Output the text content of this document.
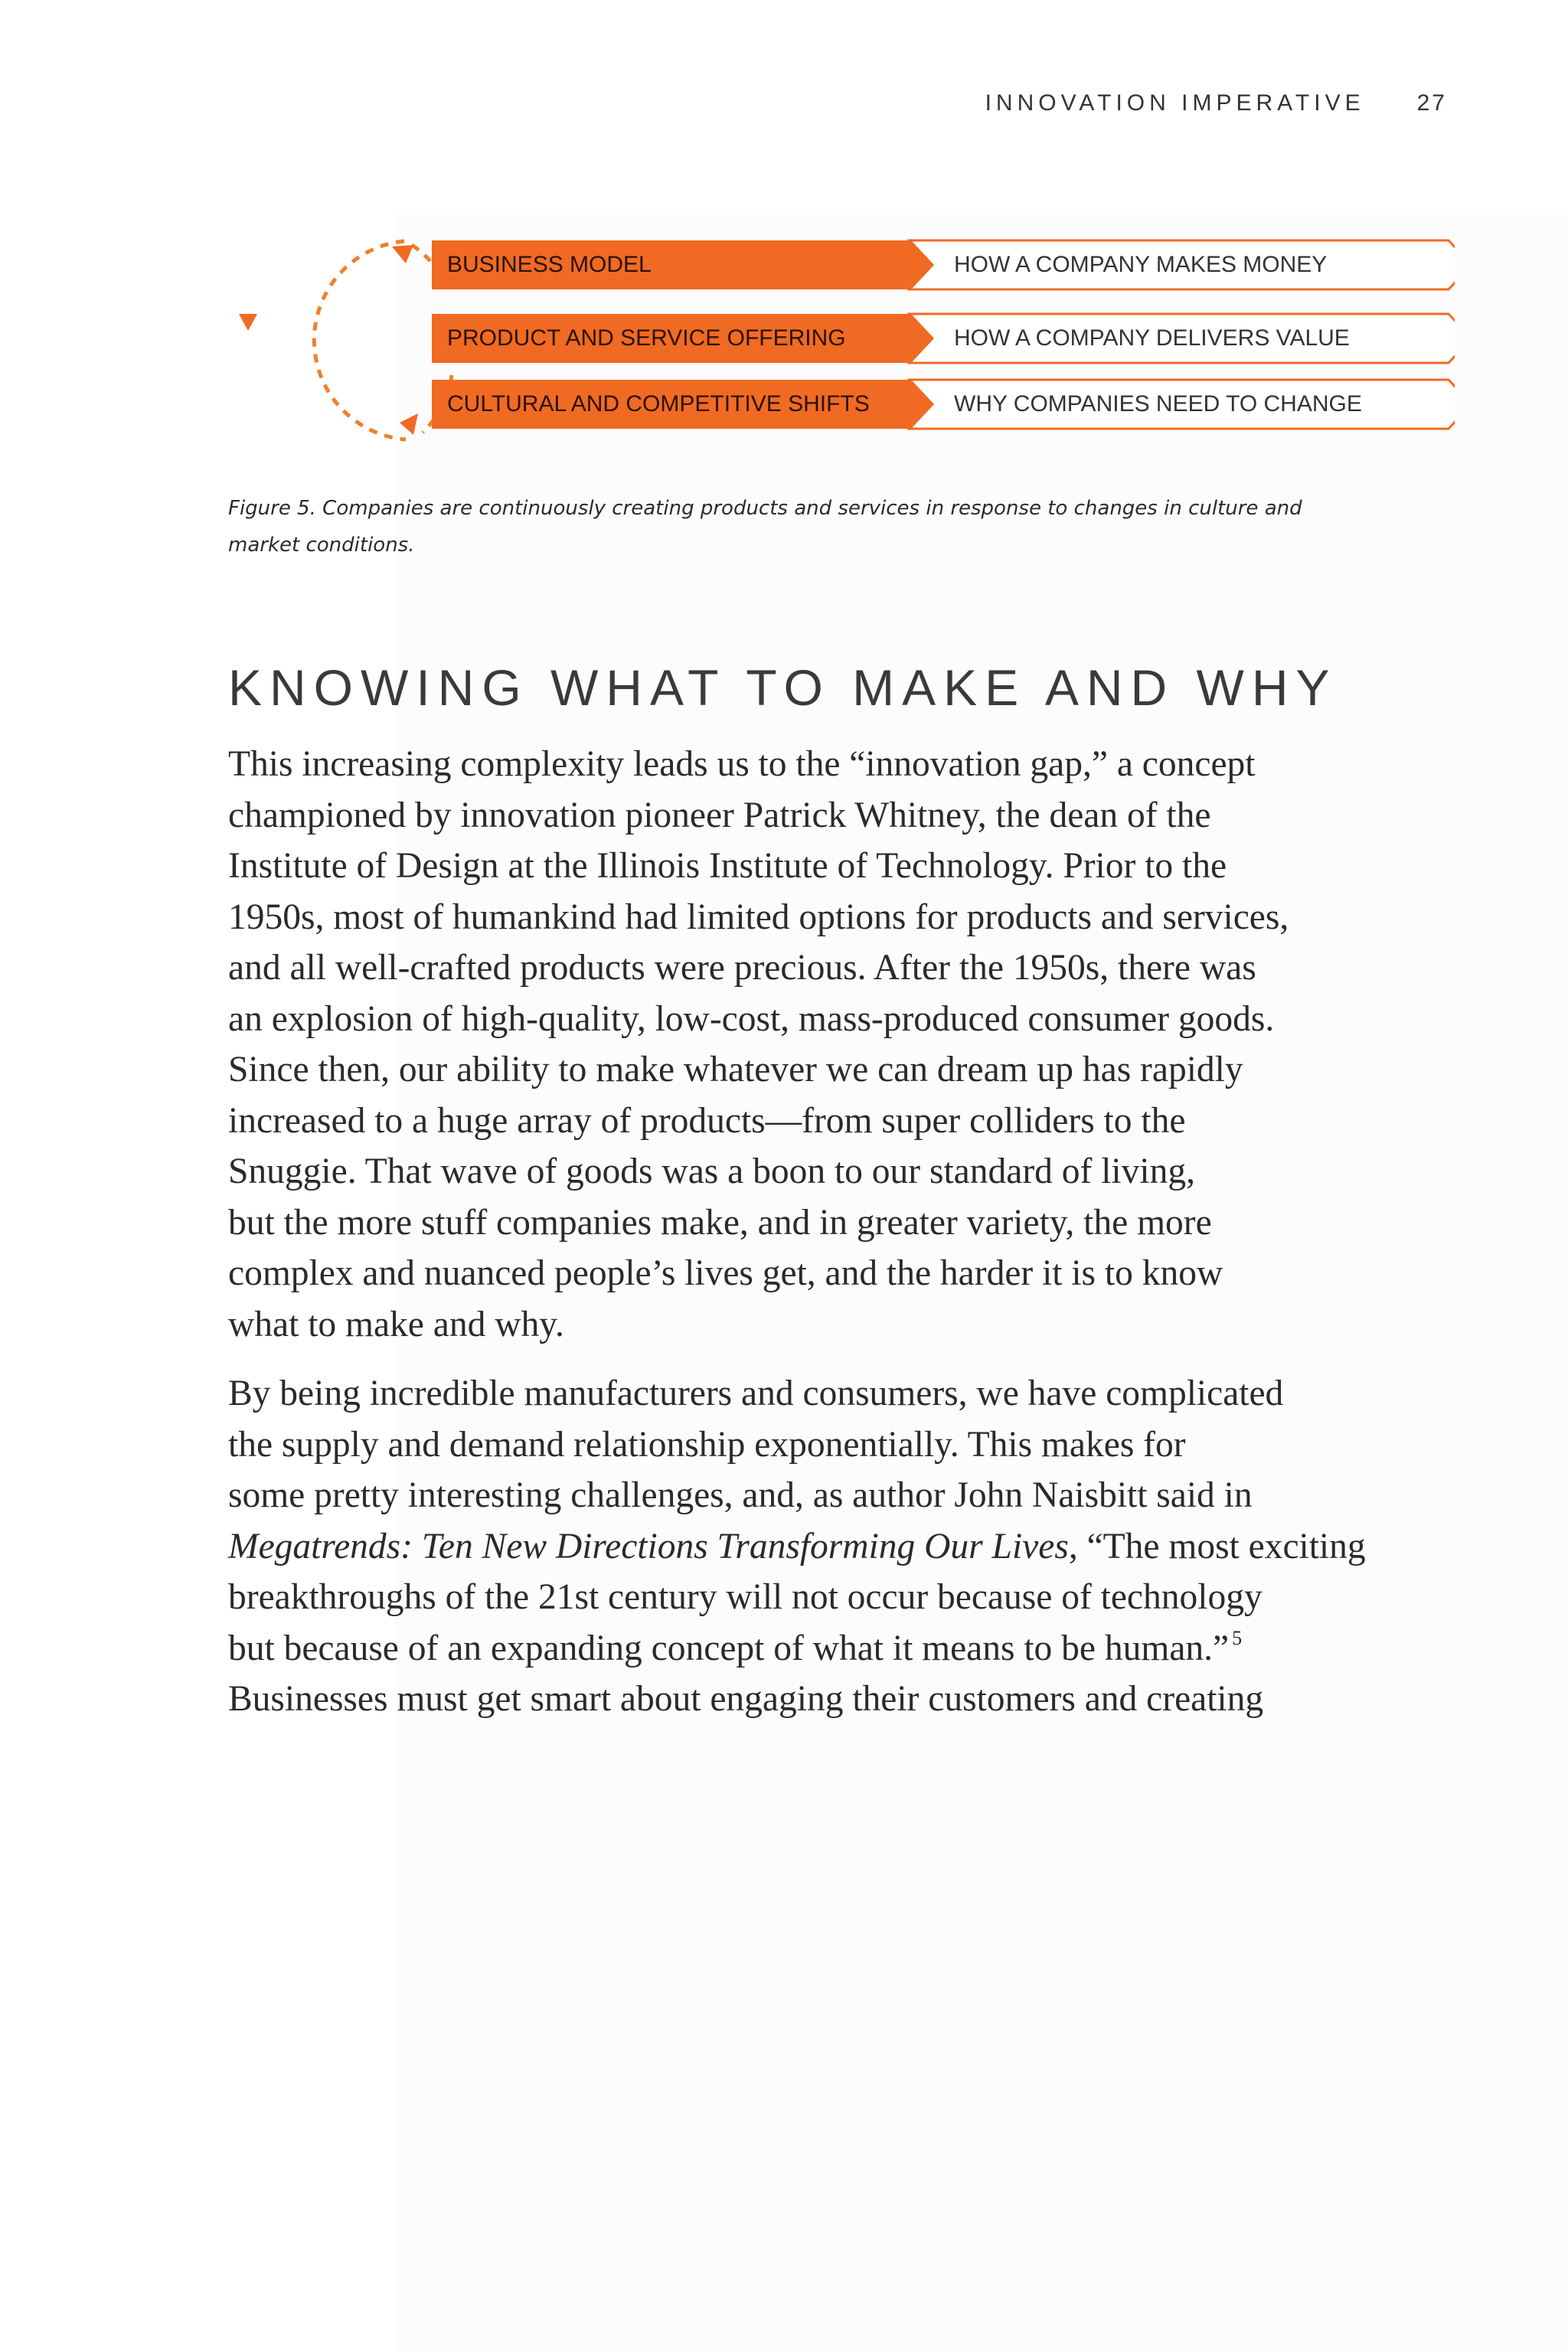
INNOVATION IMPERATIVE 27
BUSINESS MODEL	HOW A COMPANY MAKES MONEY
PRODUCT AND SERVICE OFFERING	HOW A COMPANY DELIVERS VALUE
CULTURAL AND COMPETITIVE SHIFTS	WHY COMPANIES NEED TO CHANGE
Figure 5. Companies are continuously creating products and services in response to changes in culture and
market conditions.
KNOWING WHAT TO MAKE AND WHY
This increasing complexity leads us to the “innovation gap,” a concept
championed by innovation pioneer Patrick Whitney, the dean of the
Institute of Design at the Illinois Institute of Technology. Prior to the
1950s, most of humankind had limited options for products and services,
and all well-crafted products were precious. After the 1950s, there was
an explosion of high-quality, low-cost, mass-produced consumer goods.
Since then, our ability to make whatever we can dream up has rapidly
increased to a huge array of products—from super colliders to the
Snuggie. That wave of goods was a boon to our standard of living,
but the more stuff companies make, and in greater variety, the more
complex and nuanced people’s lives get, and the harder it is to know
what to make and why.
By being incredible manufacturers and consumers, we have complicated
the supply and demand relationship exponentially. This makes for
some pretty interesting challenges, and, as author John Naisbitt said in
Megatrends: Ten New Directions Transforming Our Lives, “The most exciting
breakthroughs of the 21st century will not occur because of technology
but because of an expanding concept of what it means to be human.” $^5$
Businesses must get smart about engaging their customers and creating
